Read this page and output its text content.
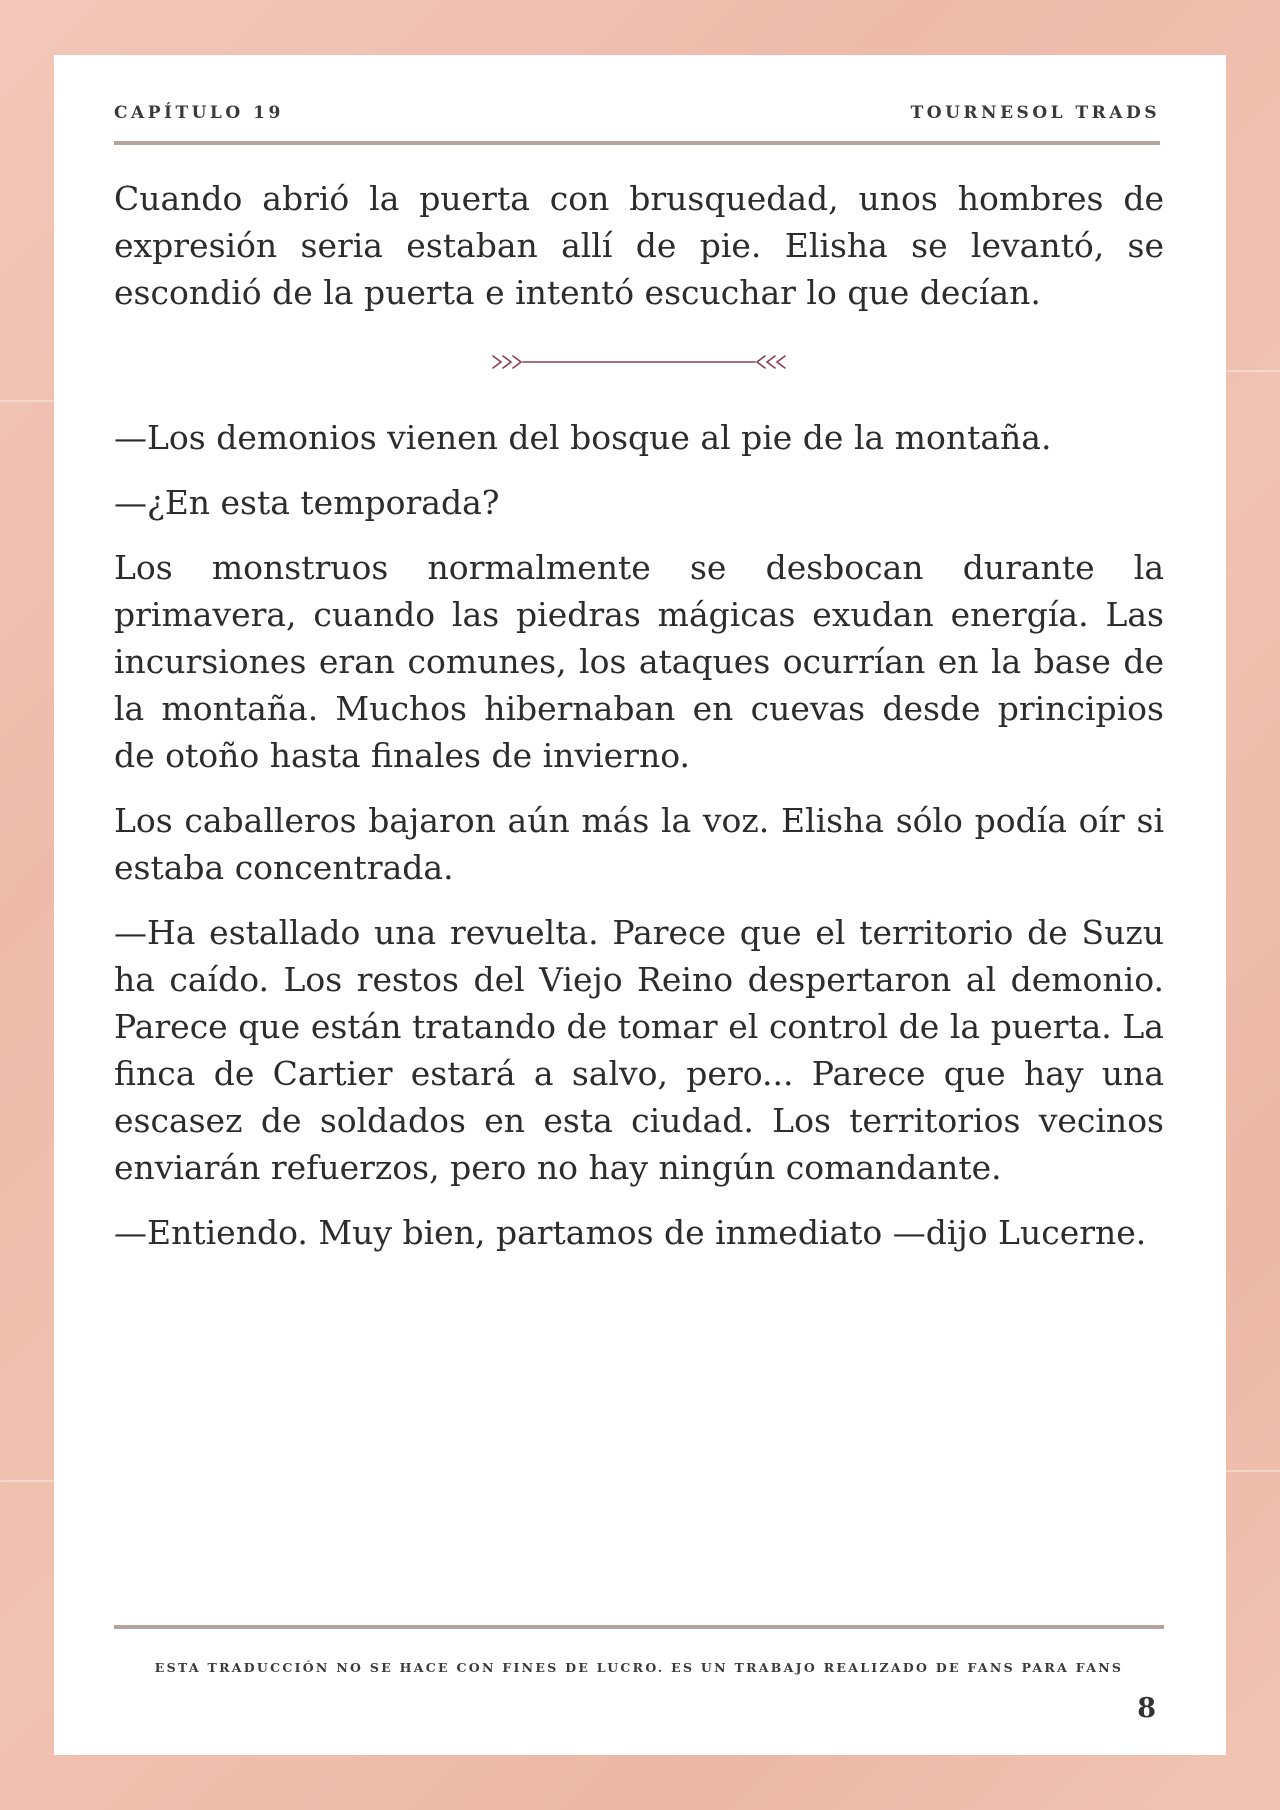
CAPÍTULO 19	TOURNESOL TRADS

Cuando abrió la puerta con brusquedad, unos hombres de expresión seria estaban allí de pie. Elisha se levantó, se escondió de la puerta e intentó escuchar lo que decían.

—Los demonios vienen del bosque al pie de la montaña.

—¿En esta temporada?

Los monstruos normalmente se desbocan durante la primavera, cuando las piedras mágicas exudan energía. Las incursiones eran comunes, los ataques ocurrían en la base de la montaña. Muchos hibernaban en cuevas desde principios de otoño hasta finales de invierno.

Los caballeros bajaron aún más la voz. Elisha sólo podía oír si estaba concentrada.

—Ha estallado una revuelta. Parece que el territorio de Suzu ha caído. Los restos del Viejo Reino despertaron al demonio. Parece que están tratando de tomar el control de la puerta. La finca de Cartier estará a salvo, pero... Parece que hay una escasez de soldados en esta ciudad. Los territorios vecinos enviarán refuerzos, pero no hay ningún comandante.

—Entiendo. Muy bien, partamos de inmediato —dijo Lucerne.

ESTA TRADUCCIÓN NO SE HACE CON FINES DE LUCRO. ES UN TRABAJO REALIZADO DE FANS PARA FANS
8
